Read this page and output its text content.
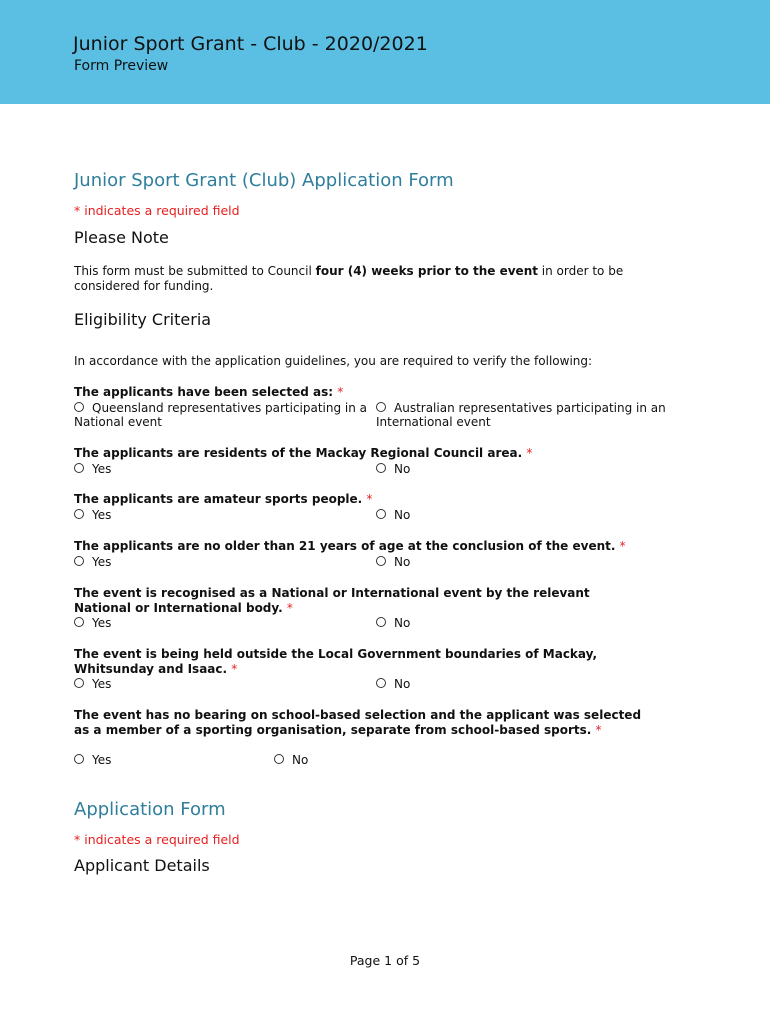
Junior Sport Grant - Club - 2020/2021
Form Preview
Junior Sport Grant (Club) Application Form
* indicates a required field
Please Note
This form must be submitted to Council four (4) weeks prior to the event in order to be considered for funding.
Eligibility Criteria
In accordance with the application guidelines, you are required to verify the following:
The applicants have been selected as: *
Queensland representatives participating in a National event
Australian representatives participating in an International event
The applicants are residents of the Mackay Regional Council area. *
Yes	No
The applicants are amateur sports people. *
Yes	No
The applicants are no older than 21 years of age at the conclusion of the event. *
Yes	No
The event is recognised as a National or International event by the relevant National or International body. *
Yes	No
The event is being held outside the Local Government boundaries of Mackay, Whitsunday and Isaac. *
Yes	No
The event has no bearing on school-based selection and the applicant was selected as a member of a sporting organisation, separate from school-based sports. *
Yes	No
Application Form
* indicates a required field
Applicant Details
Page 1 of 5
